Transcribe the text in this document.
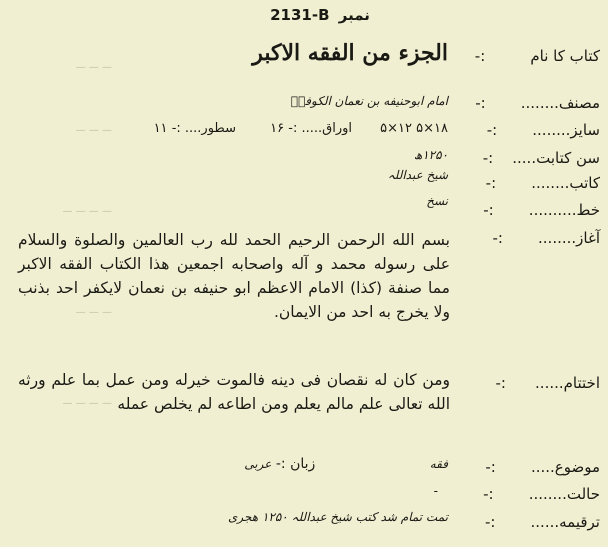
— — —
— — —
— — — —
— — —
— — — —
2131-B نمبر
کتاب کا نام :-
الجزء من الفقه الاکبر
مصنف........ :-
امام ابوحنیفه بن نعمان الکوفیؒ
سایز........ :-
۱۸×۵ ۱۲×۵ اوراق..... :- ۱۶ سطور.... :- ۱۱
سن کتابت..... :-
۱۲۵۰ھ
کاتب........ :-
شیخ عبداللہ
خط.......... :-
نسخ
آغاز........ :-
بسم الله الرحمن الرحيم الحمد لله رب العالمين والصلوة والسلام على رسوله محمد و آله واصحابه اجمعين هذا الكتاب الفقه الاكبر مما صنفة (كذا) الامام الاعظم ابو حنيفه بن نعمان لايكفر احد بذنب ولا يخرج به احد من الايمان.
اختتام...... :-
ومن كان له نقصان فى دينه فالموت خيرله ومن عمل بما علم ورثه الله تعالى علم مالم يعلم ومن اطاعه لم يخلص عمله
موضوع..... :-
فقه زبان :- عربی
حالت........ :-
-
ترقیمه...... :-
تمت تمام شد کتب شیخ عبداللہ ۱۲۵۰ هجری
